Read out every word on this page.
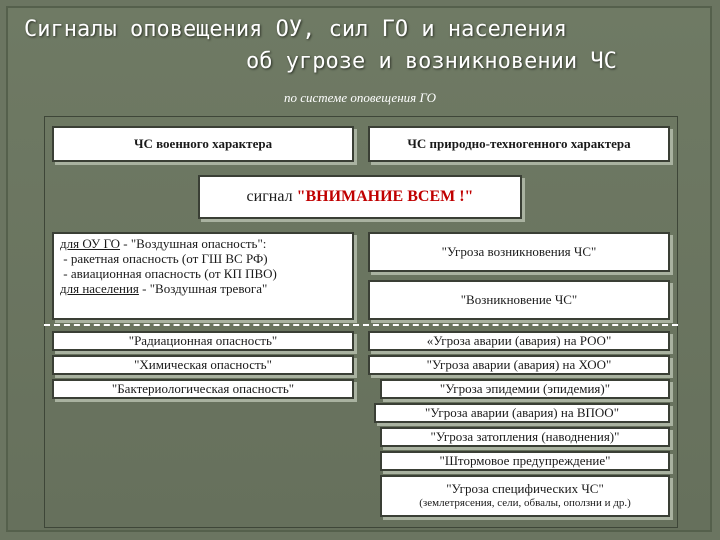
Сигналы оповещения ОУ, сил ГО и населения
об угрозе и возникновении ЧС
по системе оповещения ГО
ЧС военного характера	ЧС природно-техногенного характера
сигнал
"ВНИМАНИЕ ВСЕМ !"
для ОУ ГО - "Воздушная опасность":
- ракетная опасность (от ГШ ВС РФ)
- авиационная опасность (от КП ПВО)
для населения - "Воздушная тревога"
"Угроза возникновения ЧС"
"Возникновение ЧС"
"Радиационная опасность"
"Химическая опасность"
"Бактериологическая опасность"
«Угроза аварии (авария) на РОО"
"Угроза аварии (авария) на ХОО"
"Угроза эпидемии (эпидемия)"
"Угроза аварии (авария) на ВПОО"
"Угроза затопления (наводнения)"
"Штормовое предупреждение"
"Угроза специфических ЧС"
(землетрясения, сели, обвалы, оползни и др.)
